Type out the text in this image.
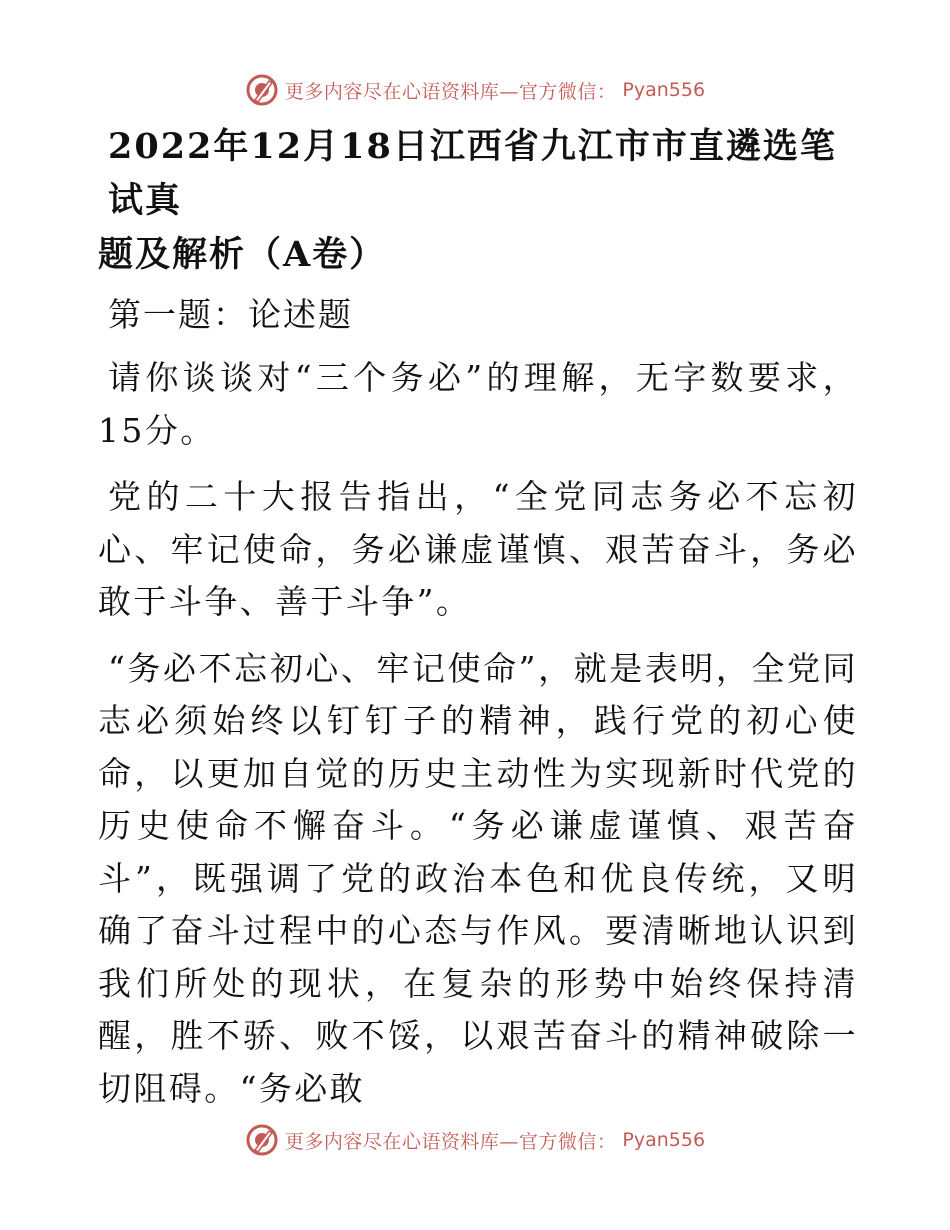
更多内容尽在心语资料库—官方微信： Pyan556
2022年12月18日江西省九江市市直遴选笔试真
题及解析（A卷）

第一题：论述题

请你谈谈对“三个务必”的理解，无字数要求，15分。

党的二十大报告指出，“全党同志务必不忘初心、牢记使命，务必谦虚谨慎、艰苦奋斗，务必敢于斗争、善于斗争”。

“务必不忘初心、牢记使命”，就是表明，全党同志必须始终以钉钉子的精神，践行党的初心使命，以更加自觉的历史主动性为实现新时代党的历史使命不懈奋斗。“务必谦虚谨慎、艰苦奋斗”，既强调了党的政治本色和优良传统，又明确了奋斗过程中的心态与作风。要清晰地认识到我们所处的现状，在复杂的形势中始终保持清醒，胜不骄、败不馁，以艰苦奋斗的精神破除一切阻碍。“务必敢

更多内容尽在心语资料库—官方微信： Pyan556
